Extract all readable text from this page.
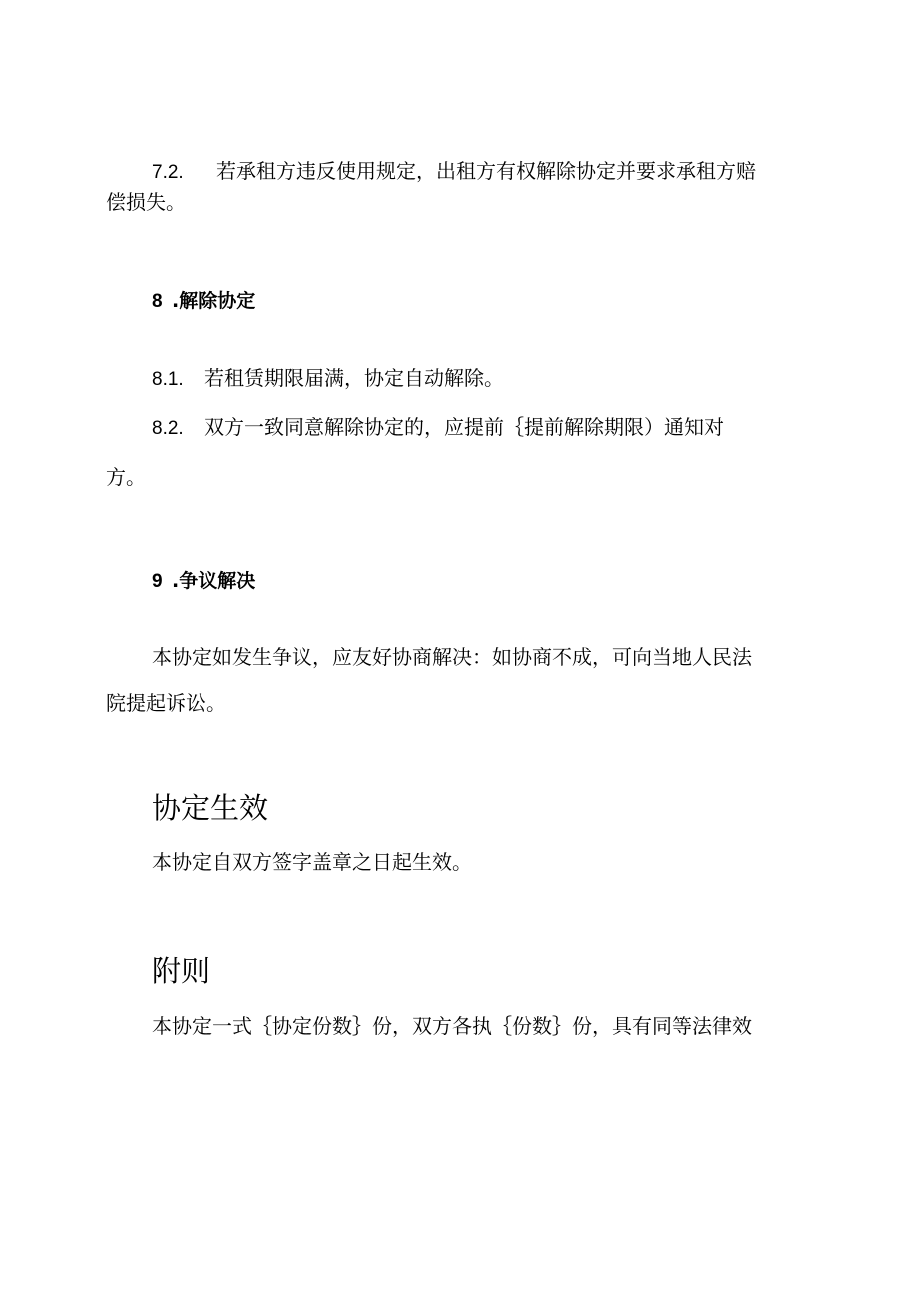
7.2. 若承租方违反使用规定，出租方有权解除协定并要求承租方赔
偿损失。
8 .解除协定
8.1. 若租赁期限届满，协定自动解除。
8.2. 双方一致同意解除协定的，应提前｛提前解除期限）通知对
方。
9 .争议解决
本协定如发生争议，应友好协商解决：如协商不成，可向当地人民法
院提起诉讼。
协定生效
本协定自双方签字盖章之日起生效。
附则
本协定一式｛协定份数｝份，双方各执｛份数｝份，具有同等法律效
